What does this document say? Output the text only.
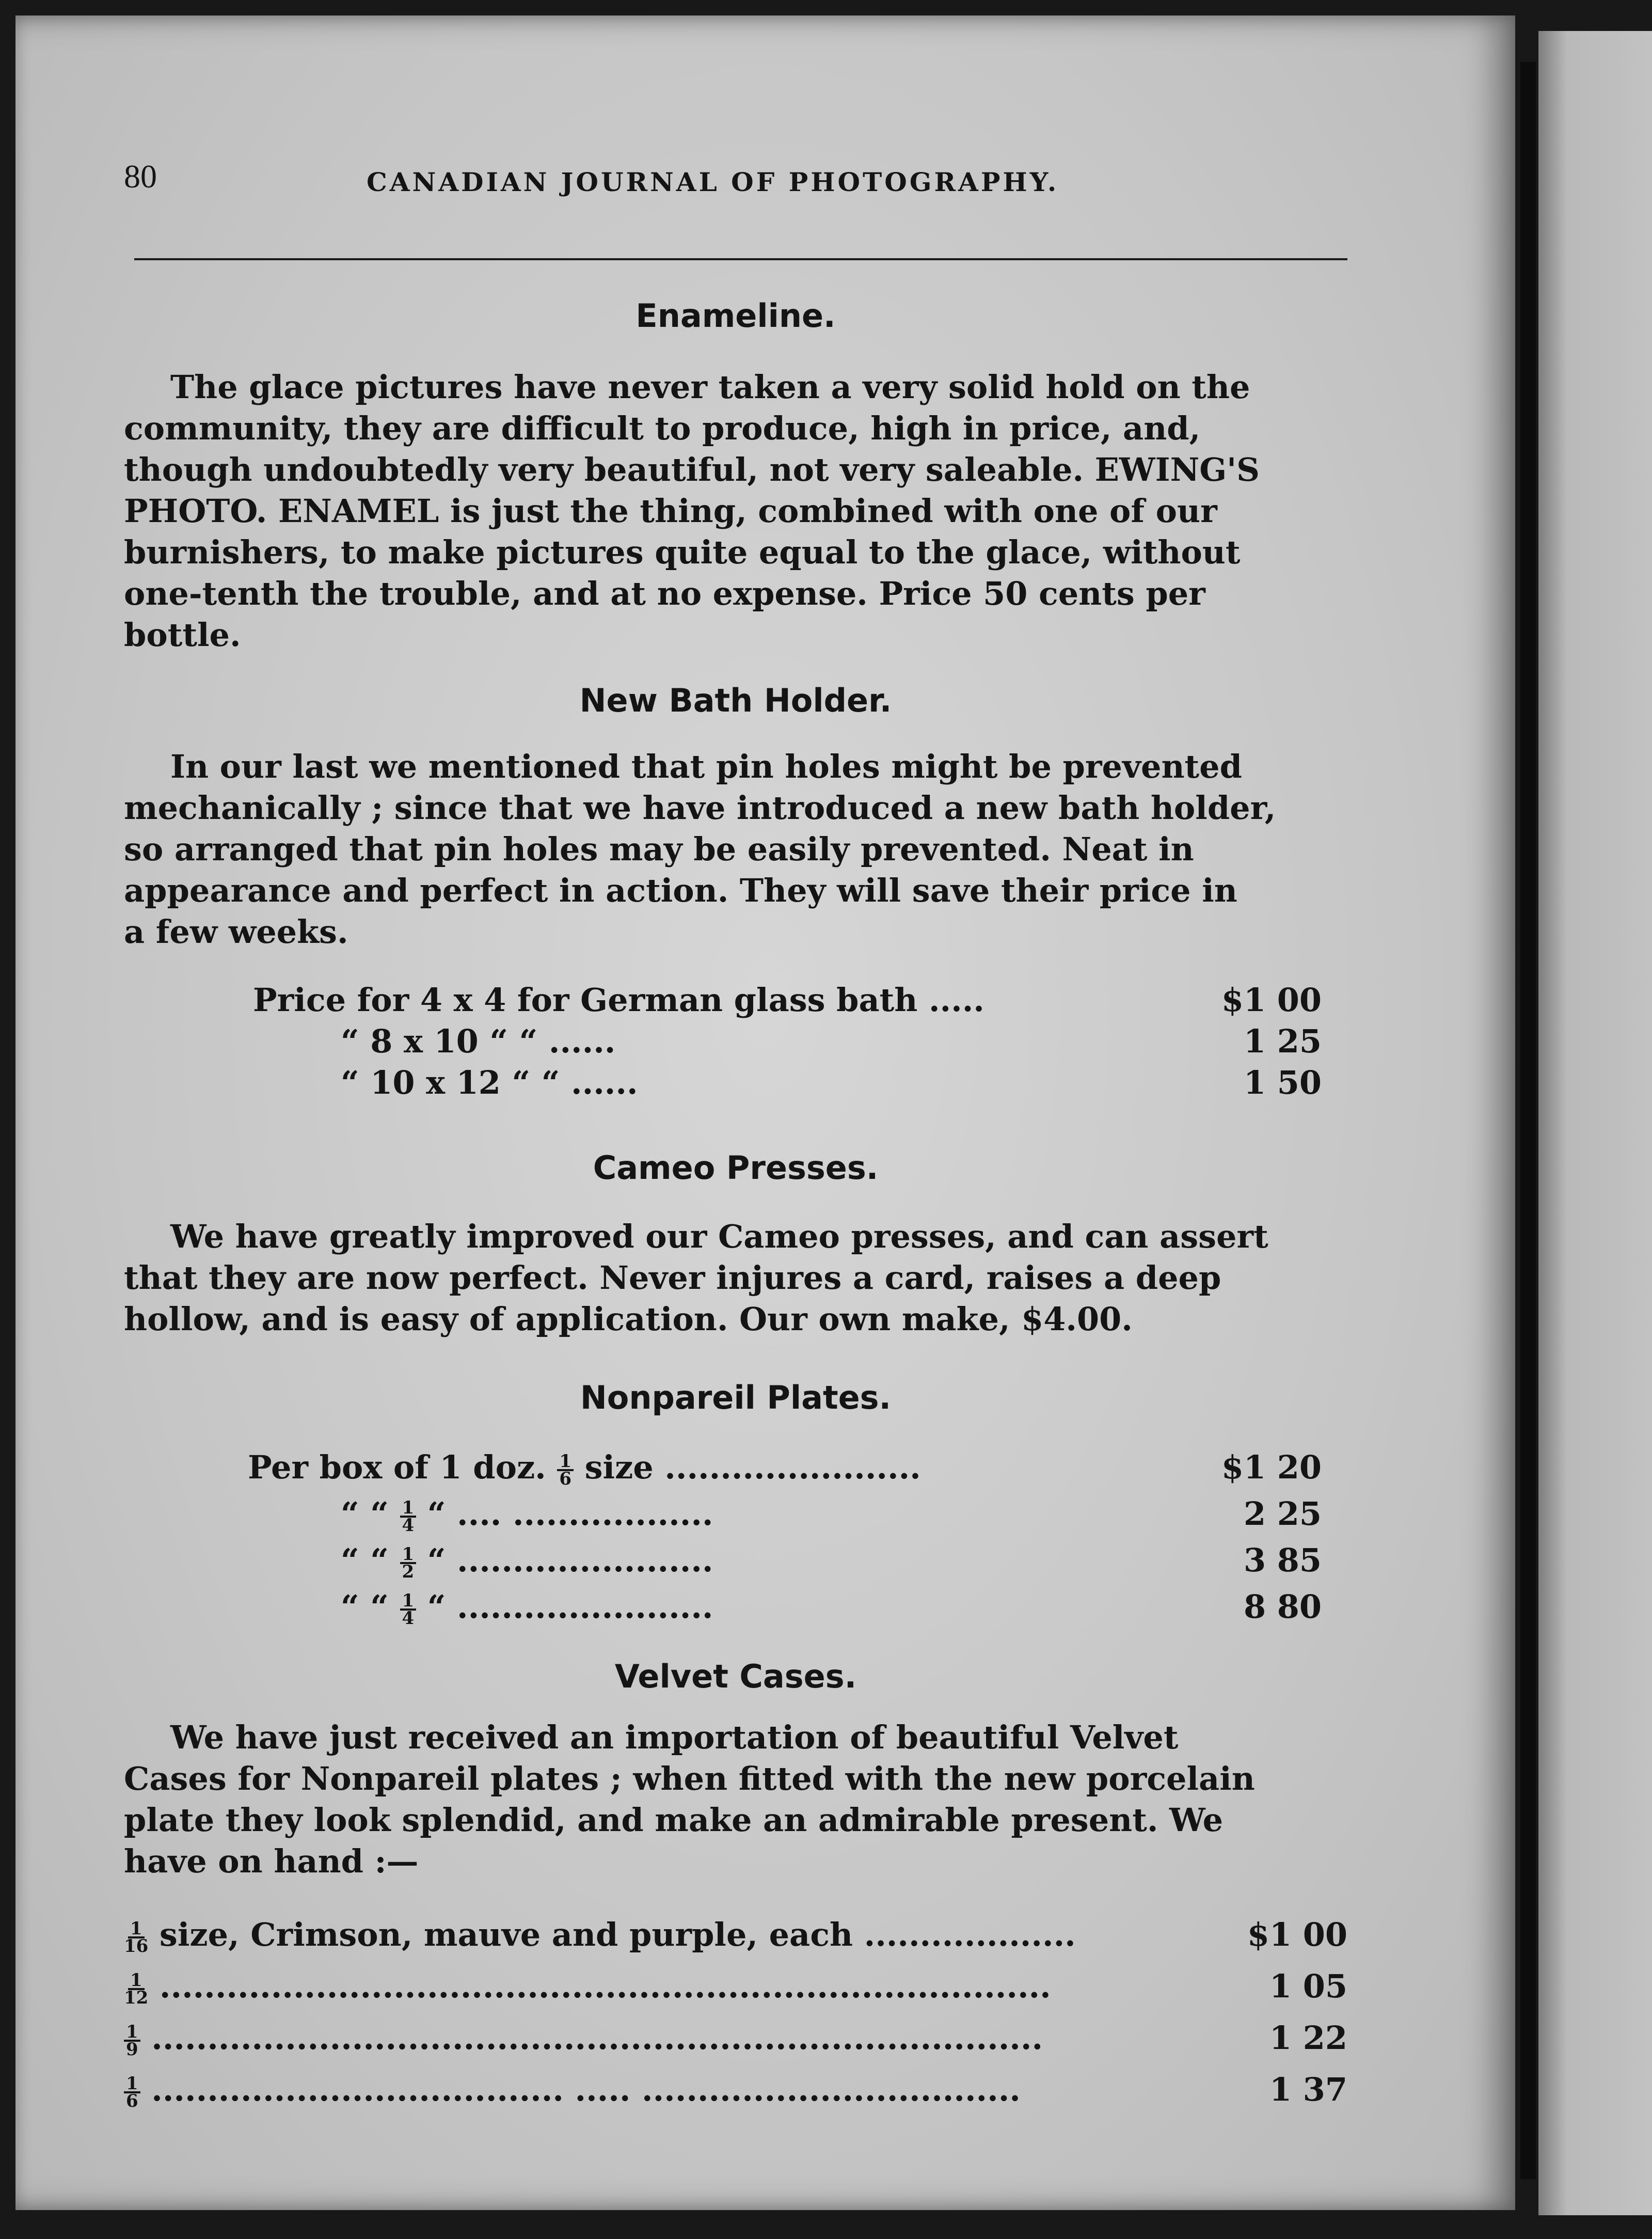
80	CANADIAN JOURNAL OF PHOTOGRAPHY.
Enameline.
The glace pictures have never taken a very solid hold on the
community, they are difficult to produce, high in price, and,
though undoubtedly very beautiful, not very saleable. EWING'S
PHOTO. ENAMEL is just the thing, combined with one of our
burnishers, to make pictures quite equal to the glace, without
one-tenth the trouble, and at no expense. Price 50 cents per
bottle.
New Bath Holder.
In our last we mentioned that pin holes might be prevented
mechanically ; since that we have introduced a new bath holder,
so arranged that pin holes may be easily prevented. Neat in
appearance and perfect in action. They will save their price in
a few weeks.
Price for 4 x 4 for German glass bath .....	$1 00
“ 8 x 10 “ “ ......	1 25
“ 10 x 12 “ “ ......	1 50
Cameo Presses.
We have greatly improved our Cameo presses, and can assert
that they are now perfect. Never injures a card, raises a deep
hollow, and is easy of application. Our own make, $4.00.
Nonpareil Plates.
Per box of 1 doz. $\frac{1}{6}$ size .......................	$1 20
“ “ $\frac{1}{4}$ “ .... ..................	2 25
“ “ $\frac{1}{2}$ “ .......................	3 85
“ “ $\frac{1}{4}$ “ .......................	8 80
Velvet Cases.
We have just received an importation of beautiful Velvet
Cases for Nonpareil plates ; when fitted with the new porcelain
plate they look splendid, and make an admirable present. We
have on hand :—
$\frac{1}{16}$ size, Crimson, mauve and purple, each ...................	$1 00
$\frac{1}{12}$ ................................................................................	1 05
$\frac{1}{9}$ ................................................................................	1 22
$\frac{1}{6}$ ..................................... ..... ..................................	1 37
